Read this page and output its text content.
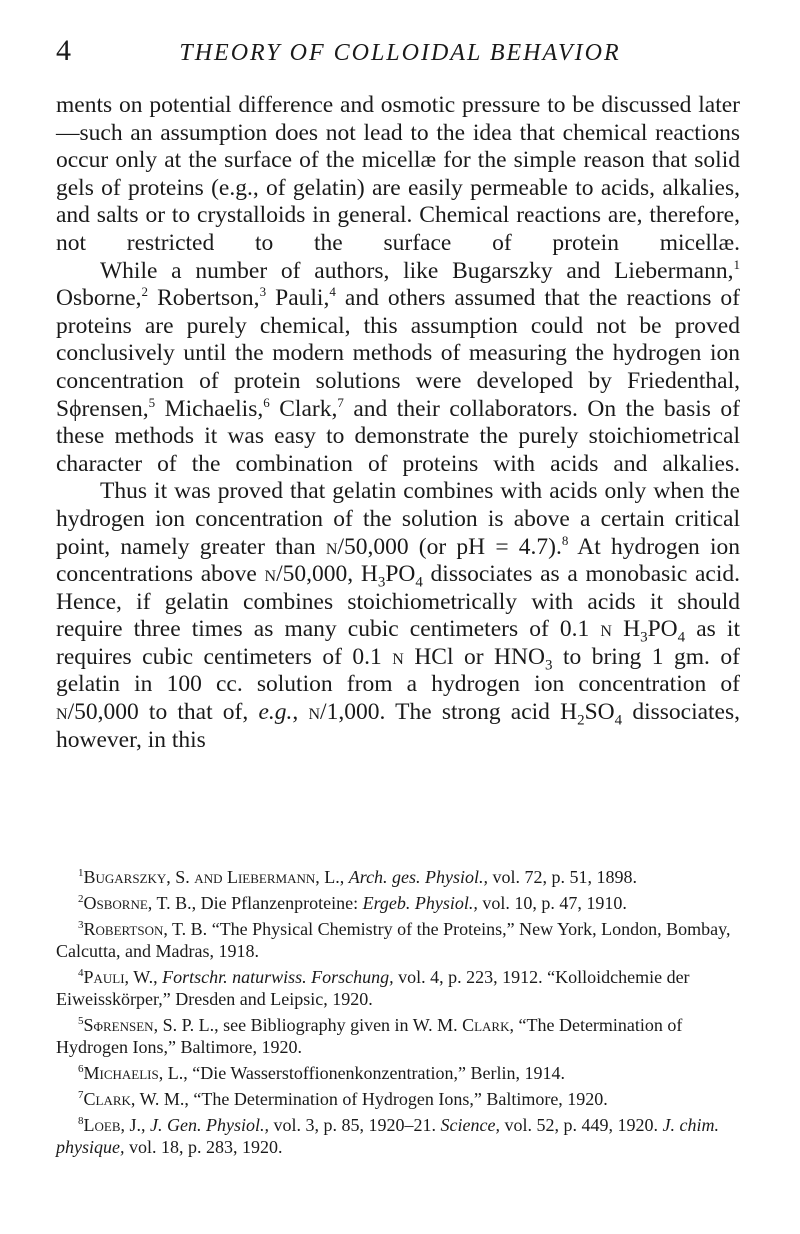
4	THEORY OF COLLOIDAL BEHAVIOR

ments on potential difference and osmotic pressure to be discussed later—such an assumption does not lead to the idea that chemical reactions occur only at the surface of the micellæ for the simple reason that solid gels of proteins (e.g., of gelatin) are easily permeable to acids, alkalies, and salts or to crystalloids in general. Chemical reactions are, therefore, not restricted to the surface of protein micellæ.

While a number of authors, like Bugarszky and Liebermann,$^1$ Osborne,$^2$ Robertson,$^3$ Pauli,$^4$ and others assumed that the reactions of proteins are purely chemical, this assumption could not be proved conclusively until the modern methods of measuring the hydrogen ion concentration of protein solutions were developed by Friedenthal, Sϕrensen,$^5$ Michaelis,$^6$ Clark,$^7$ and their collaborators. On the basis of these methods it was easy to demonstrate the purely stoichiometrical character of the combination of proteins with acids and alkalies.

Thus it was proved that gelatin combines with acids only when the hydrogen ion concentration of the solution is above a certain critical point, namely greater than n/50,000 (or pH = 4.7).$^8$ At hydrogen ion concentrations above n/50,000, $H_3PO_4$ dissociates as a monobasic acid. Hence, if gelatin combines stoichiometrically with acids it should require three times as many cubic centimeters of 0.1 n $H_3PO_4$ as it requires cubic centimeters of 0.1 n HCl or $HNO_3$ to bring 1 gm. of gelatin in 100 cc. solution from a hydrogen ion concentration of n/50,000 to that of, e.g., n/1,000. The strong acid $H_2SO_4$ dissociates, however, in this

$^1$Bugarszky, S. and Liebermann, L., Arch. ges. Physiol., vol. 72, p. 51, 1898.

$^2$Osborne, T. B., Die Pflanzenproteine: Ergeb. Physiol., vol. 10, p. 47, 1910.

$^3$Robertson, T. B. “The Physical Chemistry of the Proteins,” New York, London, Bombay, Calcutta, and Madras, 1918.

$^4$Pauli, W., Fortschr. naturwiss. Forschung, vol. 4, p. 223, 1912. “Kolloidchemie der Eiweisskörper,” Dresden and Leipsic, 1920.

$^5$Sϕrensen, S. P. L., see Bibliography given in W. M. Clark, “The Determination of Hydrogen Ions,” Baltimore, 1920.

$^6$Michaelis, L., “Die Wasserstoffionenkonzentration,” Berlin, 1914.

$^7$Clark, W. M., “The Determination of Hydrogen Ions,” Baltimore, 1920.

$^8$Loeb, J., J. Gen. Physiol., vol. 3, p. 85, 1920–21. Science, vol. 52, p. 449, 1920. J. chim. physique, vol. 18, p. 283, 1920.
